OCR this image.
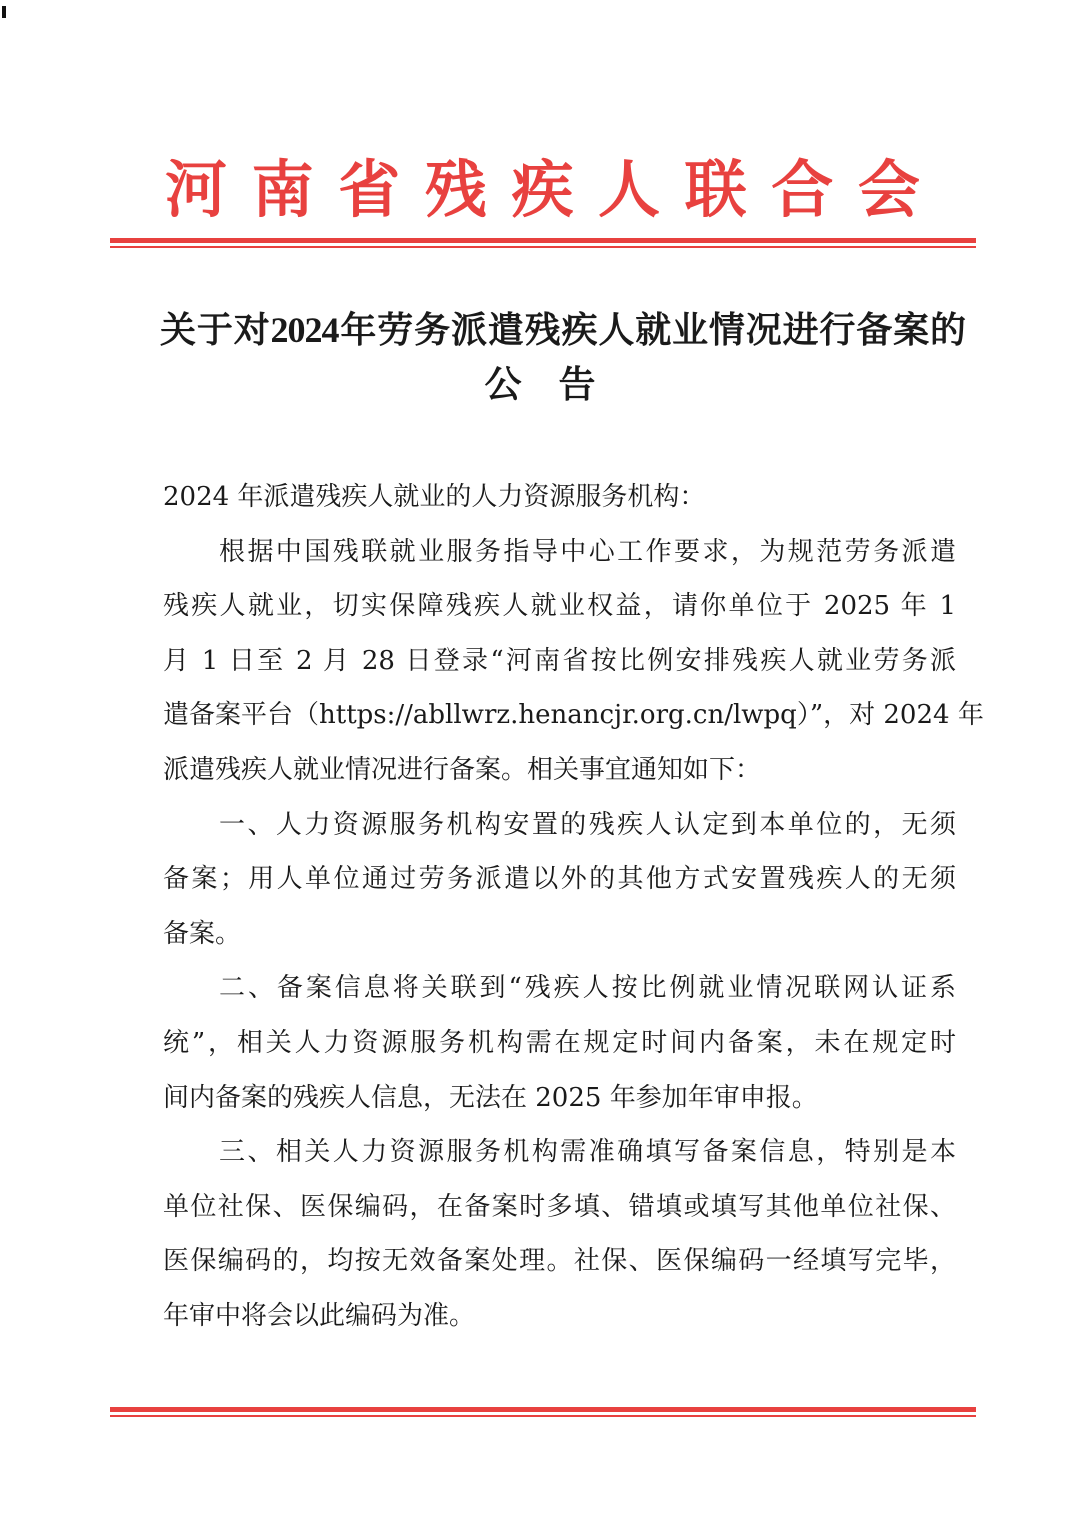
河 南 省 残 疾 人 联 合 会
关于对2024年劳务派遣残疾人就业情况进行备案的
公　告
2024 年派遣残疾人就业的人力资源服务机构：
根据中国残联就业服务指导中心工作要求，为规范劳务派遣
残疾人就业，切实保障残疾人就业权益，请你单位于 2025 年 1
月 1 日至 2 月 28 日登录“河南省按比例安排残疾人就业劳务派
遣备案平台（https://abllwrz.henancjr.org.cn/lwpq）”，对 2024 年
派遣残疾人就业情况进行备案。相关事宜通知如下：
一、人力资源服务机构安置的残疾人认定到本单位的，无须
备案；用人单位通过劳务派遣以外的其他方式安置残疾人的无须
备案。
二、备案信息将关联到“残疾人按比例就业情况联网认证系
统”，相关人力资源服务机构需在规定时间内备案，未在规定时
间内备案的残疾人信息，无法在 2025 年参加年审申报。
三、相关人力资源服务机构需准确填写备案信息，特别是本
单位社保、医保编码，在备案时多填、错填或填写其他单位社保、
医保编码的，均按无效备案处理。社保、医保编码一经填写完毕，
年审中将会以此编码为准。
